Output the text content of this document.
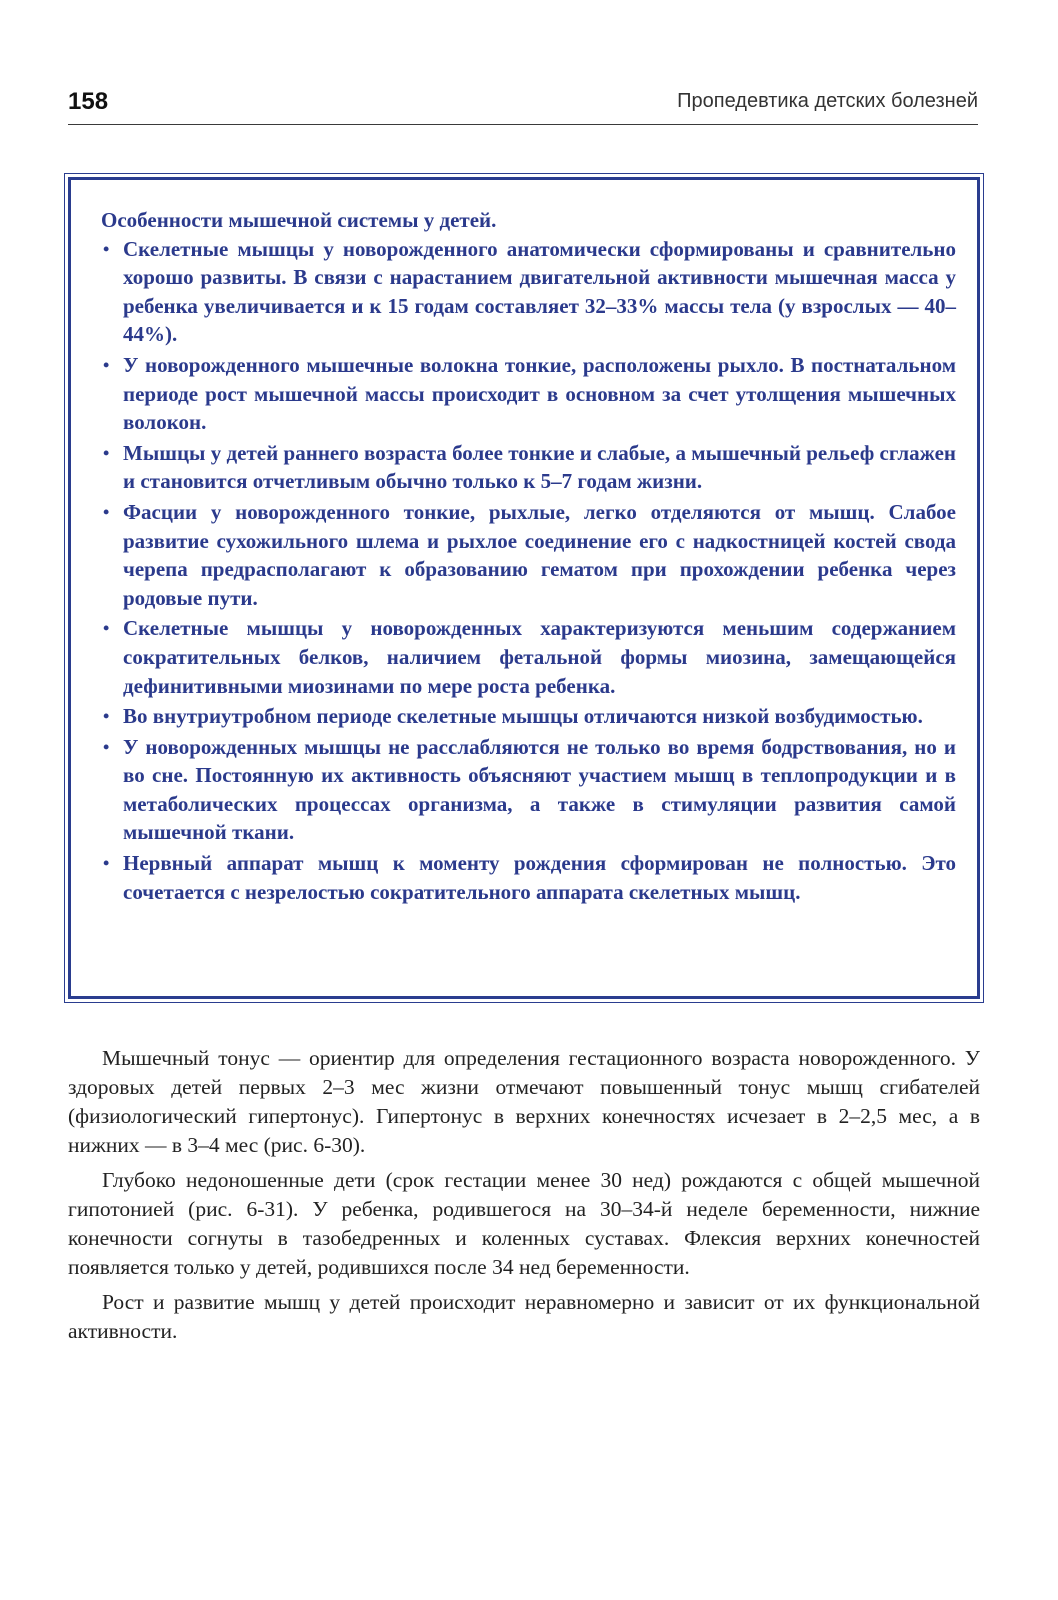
158	Пропедевтика детских болезней

Особенности мышечной системы у детей.

• Скелетные мышцы у новорожденного анатомически сформированы и сравнительно хорошо развиты. В связи с нарастанием двигательной активности мышечная масса у ребенка увеличивается и к 15 годам составляет 32–33% массы тела (у взрослых — 40–44%).
• У новорожденного мышечные волокна тонкие, расположены рыхло. В постнатальном периоде рост мышечной массы происходит в основном за счет утолщения мышечных волокон.
• Мышцы у детей раннего возраста более тонкие и слабые, а мышечный рельеф сглажен и становится отчетливым обычно только к 5–7 годам жизни.
• Фасции у новорожденного тонкие, рыхлые, легко отделяются от мышц. Слабое развитие сухожильного шлема и рыхлое соединение его с надкостницей костей свода черепа предрасполагают к образованию гематом при прохождении ребенка через родовые пути.
• Скелетные мышцы у новорожденных характеризуются меньшим содержанием сократительных белков, наличием фетальной формы миозина, замещающейся дефинитивными миозинами по мере роста ребенка.
• Во внутриутробном периоде скелетные мышцы отличаются низкой возбудимостью.
• У новорожденных мышцы не расслабляются не только во время бодрствования, но и во сне. Постоянную их активность объясняют участием мышц в теплопродукции и в метаболических процессах организма, а также в стимуляции развития самой мышечной ткани.
• Нервный аппарат мышц к моменту рождения сформирован не полностью. Это сочетается с незрелостью сократительного аппарата скелетных мышц.

Мышечный тонус — ориентир для определения гестационного возраста новорожденного. У здоровых детей первых 2–3 мес жизни отмечают повышенный тонус мышц сгибателей (физиологический гипертонус). Гипертонус в верхних конечностях исчезает в 2–2,5 мес, а в нижних — в 3–4 мес (рис. 6-30).

Глубоко недоношенные дети (срок гестации менее 30 нед) рождаются с общей мышечной гипотонией (рис. 6-31). У ребенка, родившегося на 30–34-й неделе беременности, нижние конечности согнуты в тазобедренных и коленных суставах. Флексия верхних конечностей появляется только у детей, родившихся после 34 нед беременности.

Рост и развитие мышц у детей происходит неравномерно и зависит от их функциональной активности.
